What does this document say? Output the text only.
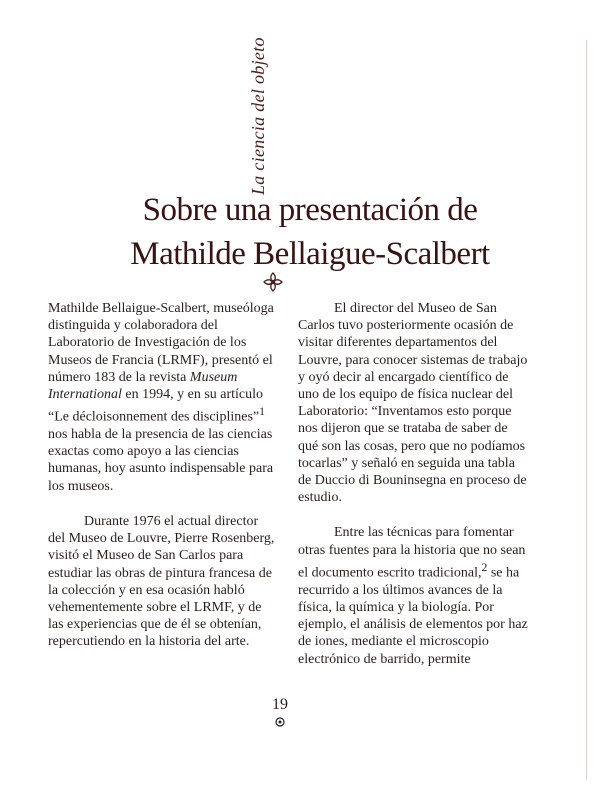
La ciencia del objeto
Sobre una presentación de
Mathilde Bellaigue-Scalbert

Mathilde Bellaigue-Scalbert, museóloga distinguida y colaboradora del Laboratorio de Investigación de los Museos de Francia (LRMF), presentó el número 183 de la revista Museum International en 1994, y en su artículo “Le décloisonnement des disciplines”$^1$ nos habla de la presencia de las ciencias exactas como apoyo a las ciencias humanas, hoy asunto indispensable para los museos.

Durante 1976 el actual director del Museo de Louvre, Pierre Rosenberg, visitó el Museo de San Carlos para estudiar las obras de pintura francesa de la colección y en esa ocasión habló vehementemente sobre el LRMF, y de las experiencias que de él se obtenían, repercutiendo en la historia del arte.

El director del Museo de San Carlos tuvo posteriormente ocasión de visitar diferentes departamentos del Louvre, para conocer sistemas de trabajo y oyó decir al encargado científico de uno de los equipo de física nuclear del Laboratorio: “Inventamos esto porque nos dijeron que se trataba de saber de qué son las cosas, pero que no podíamos tocarlas” y señaló en seguida una tabla de Duccio di Bouninsegna en proceso de estudio.

Entre las técnicas para fomentar otras fuentes para la historia que no sean el documento escrito tradicional,$^2$ se ha recurrido a los últimos avances de la física, la química y la biología. Por ejemplo, el análisis de elementos por haz de iones, mediante el microscopio electrónico de barrido, permite

19
